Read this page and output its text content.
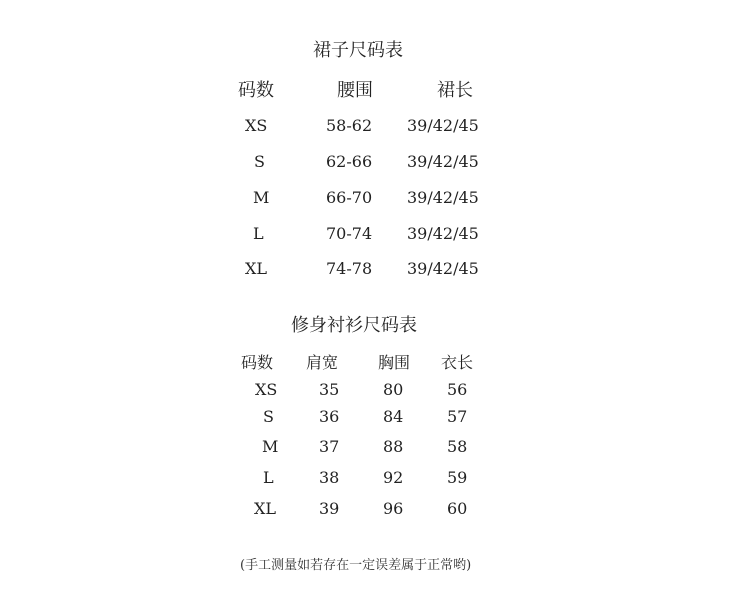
裙子尺码表
码数	腰围	裙长
XS	58-62 39/42/45
S	62-66 39/42/45
M	66-70 39/42/45
L	70-74 39/42/45
XL	74-78 39/42/45
修身衬衫尺码表
码数 肩宽 胸围 衣长
XS	35	80	56
S	36	84	57
M	37	88	58
L	38	92	59
XL	39	96	60
(手工测量如若存在一定误差属于正常哟)
